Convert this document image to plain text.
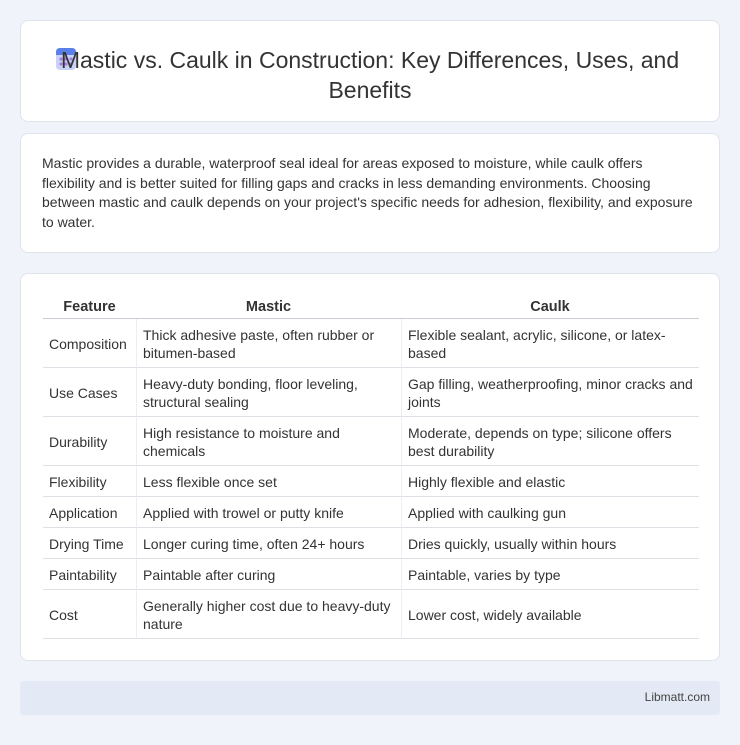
Mastic vs. Caulk in Construction: Key Differences, Uses, and Benefits

Mastic provides a durable, waterproof seal ideal for areas exposed to moisture, while caulk offers flexibility and is better suited for filling gaps and cracks in less demanding environments. Choosing between mastic and caulk depends on your project's specific needs for adhesion, flexibility, and exposure to water.

Feature	Mastic	Caulk
Composition	Thick adhesive paste, often rubber or bitumen-based	Flexible sealant, acrylic, silicone, or latex-based
Use Cases	Heavy-duty bonding, floor leveling, structural sealing	Gap filling, weatherproofing, minor cracks and joints
Durability	High resistance to moisture and chemicals	Moderate, depends on type; silicone offers best durability
Flexibility	Less flexible once set	Highly flexible and elastic
Application	Applied with trowel or putty knife	Applied with caulking gun
Drying Time	Longer curing time, often 24+ hours	Dries quickly, usually within hours
Paintability	Paintable after curing	Paintable, varies by type
Cost	Generally higher cost due to heavy-duty nature	Lower cost, widely available
Libmatt.com
